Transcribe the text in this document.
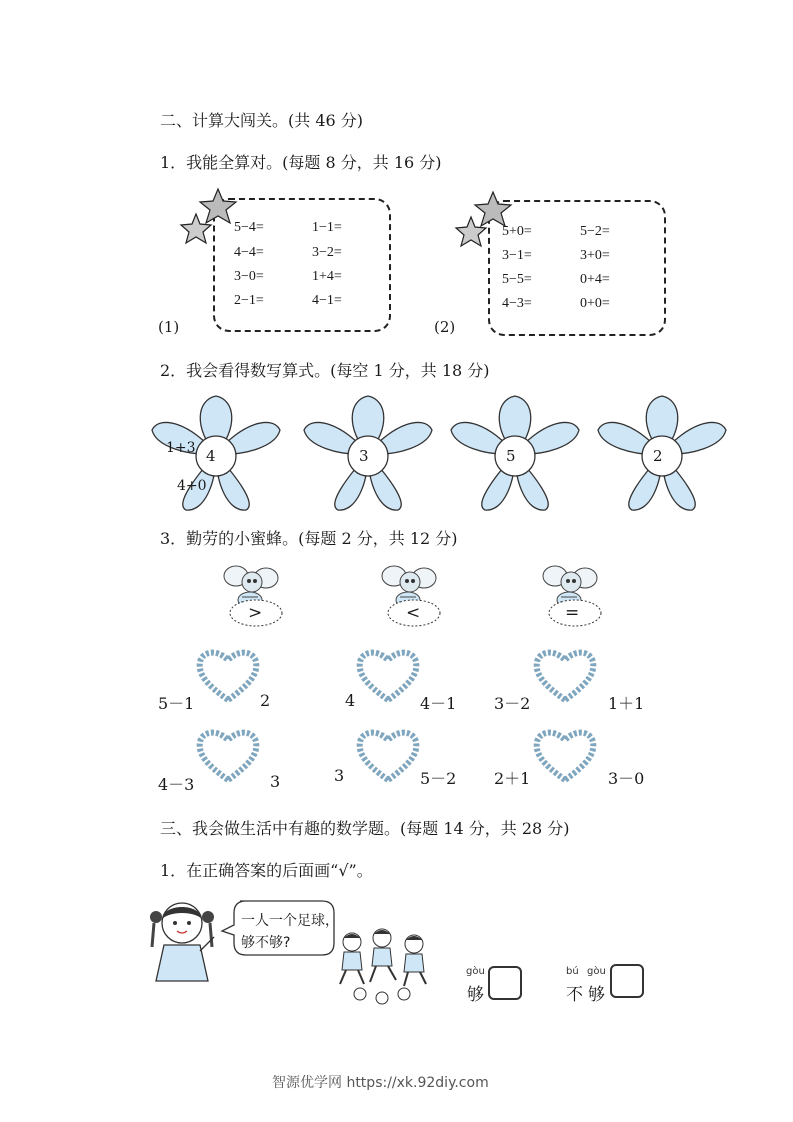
二、计算大闯关。(共 46 分)
1．我能全算对。(每题 8 分，共 16 分)
(1)
5−4=	1−1=
4−4=	3−2=
3−0=	1+4=
2−1=	4−1=
(2)
5+0=	5−2=
3−1=	3+0=
5−5=	0+4=
4−3=	0+0=
2．我会看得数写算式。(每空 1 分，共 18 分)
4
1+3
4+0
3	5	2
3．勤劳的小蜜蜂。(每题 2 分，共 12 分)
>	<	=
5－1	2	4	4－1 3－2	1＋1
4－3	3	3	5－2 2＋1	3－0
三、我会做生活中有趣的数学题。(每题 14 分，共 28 分)
1．在正确答案的后面画“√”。
一人一个足球，
够不够?
gòu
够
bú gòu
不 够
智源优学网 https://xk.92diy.com
